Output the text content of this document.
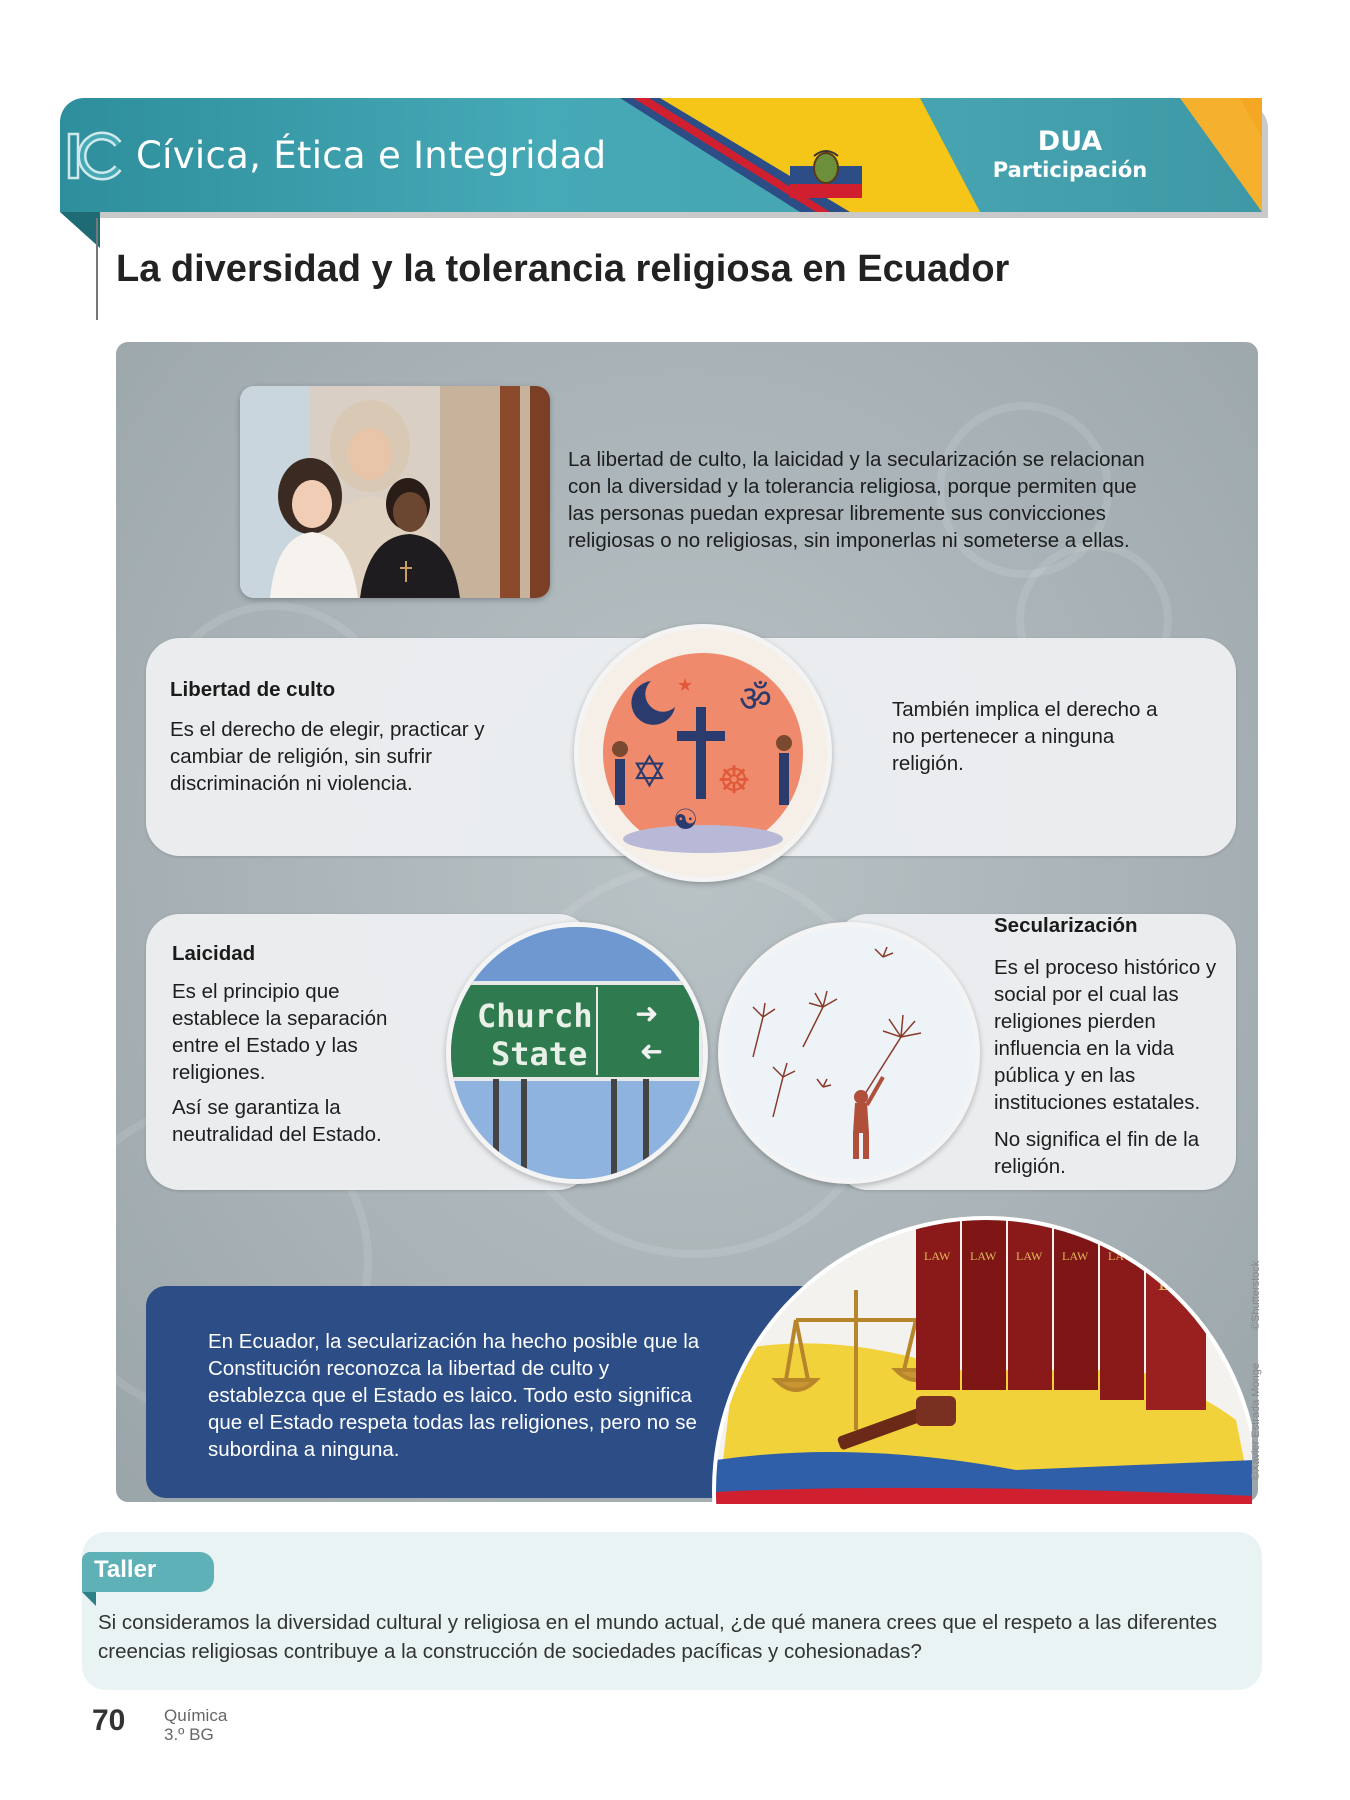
Cívica, Ética e Integridad	DUA
Participación
La diversidad y la tolerancia religiosa en Ecuador
La libertad de culto, la laicidad y la secularización se relacionan con la diversidad y la tolerancia religiosa, porque permiten que las personas puedan expresar libremente sus convicciones religiosas o no religiosas, sin imponerlas ni someterse a ellas.
Libertad de culto
Es el derecho de elegir, practicar y cambiar de religión, sin sufrir discriminación ni violencia.
También implica el derecho a no pertenecer a ninguna religión.
ॐ
✡ ☸
☯
★
Laicidad
Es el principio que establece la separación entre el Estado y las religiones.
Así se garantiza la neutralidad del Estado.
➜
➜
Church
State
Secularización
Es el proceso histórico y social por el cual las religiones pierden influencia en la vida pública y en las instituciones estatales.
No significa el fin de la religión.
En Ecuador, la secularización ha hecho posible que la Constitución reconozca la libertad de culto y establezca que el Estado es laico. Todo esto significa que el Estado respeta todas las religiones, pero no se subordina a ninguna.
LAW LAW LAW LAW LAW
LAW
©Xavier Estrada Monge
©Shutterstock
Taller
Si consideramos la diversidad cultural y religiosa en el mundo actual, ¿de qué manera crees que el respeto a las diferentes creencias religiosas contribuye a la construcción de sociedades pacíficas y cohesionadas?
70 Química
3.º BG
